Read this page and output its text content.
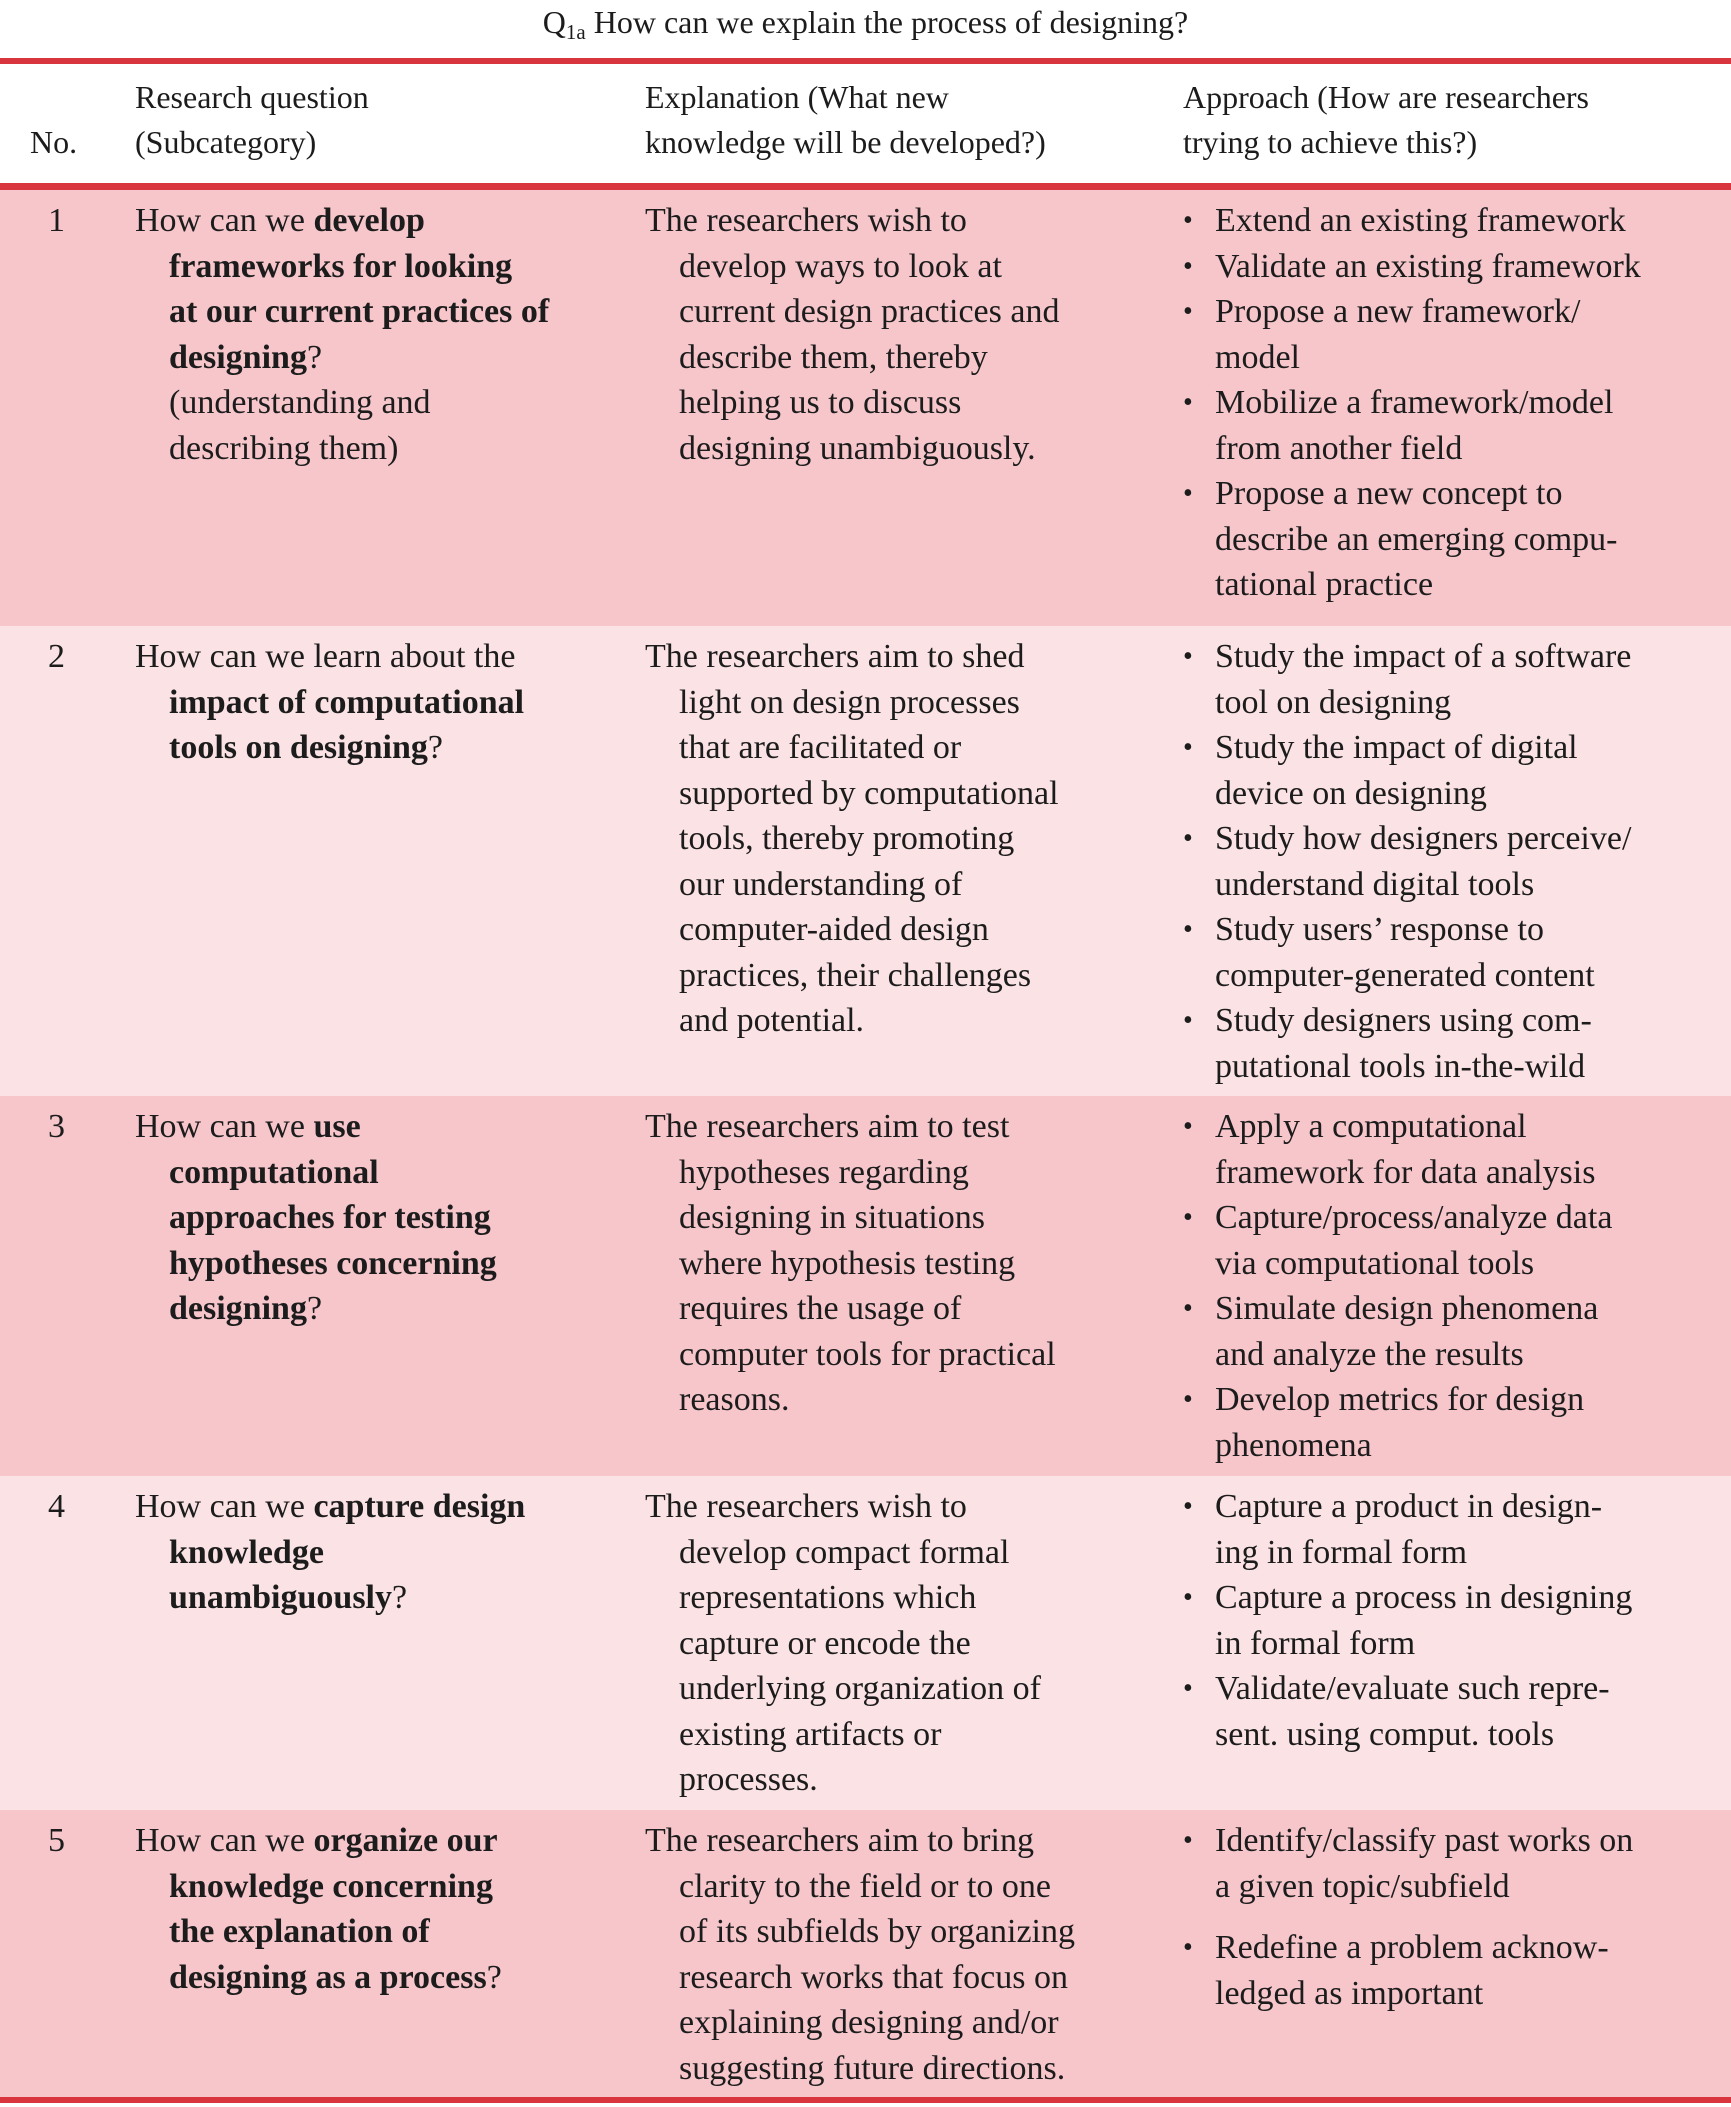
Q1a How can we explain the process of designing?
No.
Research question
(Subcategory)
Explanation (What new
knowledge will be developed?)
Approach (How are researchers
trying to achieve this?)
1 How can we develop
frameworks for looking
at our current practices of
designing?
(understanding and
describing them)
The researchers wish to
develop ways to look at
current design practices and
describe them, thereby
helping us to discuss
designing unambiguously.
• Extend an existing framework
• Validate an existing framework
• Propose a new framework/
model
• Mobilize a framework/model
from another field
• Propose a new concept to
describe an emerging compu-
tational practice
2 How can we learn about the
impact of computational
tools on designing?
The researchers aim to shed
light on design processes
that are facilitated or
supported by computational
tools, thereby promoting
our understanding of
computer-aided design
practices, their challenges
and potential.
• Study the impact of a software
tool on designing
• Study the impact of digital
device on designing
• Study how designers perceive/
understand digital tools
• Study users’ response to
computer-generated content
• Study designers using com-
putational tools in-the-wild
3 How can we use
computational
approaches for testing
hypotheses concerning
designing?
The researchers aim to test
hypotheses regarding
designing in situations
where hypothesis testing
requires the usage of
computer tools for practical
reasons.
• Apply a computational
framework for data analysis
• Capture/process/analyze data
via computational tools
• Simulate design phenomena
and analyze the results
• Develop metrics for design
phenomena
4 How can we capture design
knowledge
unambiguously?
The researchers wish to
develop compact formal
representations which
capture or encode the
underlying organization of
existing artifacts or
processes.
• Capture a product in design-
ing in formal form
• Capture a process in designing
in formal form
• Validate/evaluate such repre-
sent. using comput. tools
5 How can we organize our
knowledge concerning
the explanation of
designing as a process?
The researchers aim to bring
clarity to the field or to one
of its subfields by organizing
research works that focus on
explaining designing and/or
suggesting future directions.
• Identify/classify past works on
a given topic/subfield
• Redefine a problem acknow-
ledged as important
